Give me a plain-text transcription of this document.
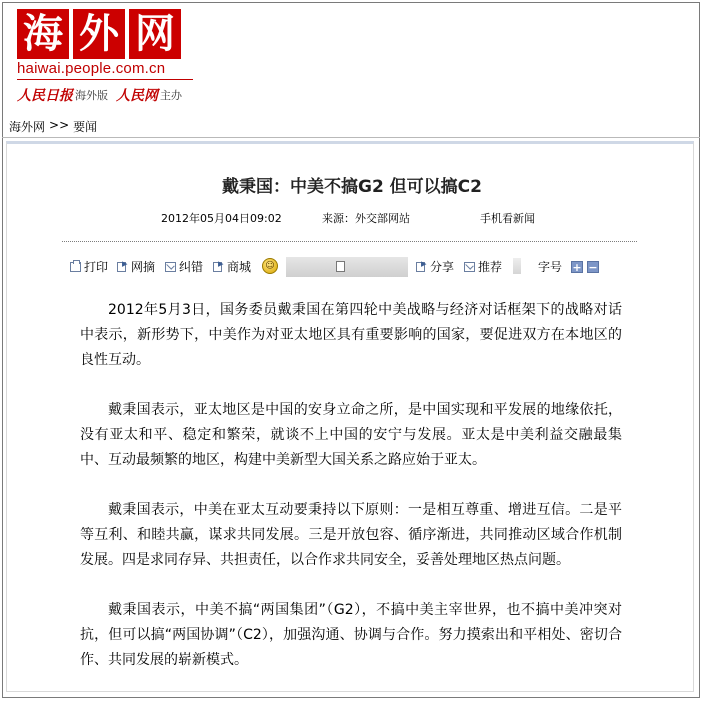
海 外 网
haiwai.people.com.cn
人民日报 海外版 人民网 主办
海外网 >> 要闻
戴秉国：中美不搞G2 但可以搞C2
2012年05月04日09:02	来源：外交部网站	手机看新闻
打印 ▸ 网摘 纠错 ▸ 商城	☺ ▸	分享 推荐	字号 + −

2012年5月3日，国务委员戴秉国在第四轮中美战略与经济对话框架下的战略对话中表示，新形势下，中美作为对亚太地区具有重要影响的国家，要促进双方在本地区的良性互动。

戴秉国表示，亚太地区是中国的安身立命之所，是中国实现和平发展的地缘依托，没有亚太和平、稳定和繁荣，就谈不上中国的安宁与发展。亚太是中美利益交融最集中、互动最频繁的地区，构建中美新型大国关系之路应始于亚太。

戴秉国表示，中美在亚太互动要秉持以下原则：一是相互尊重、增进互信。二是平等互利、和睦共赢，谋求共同发展。三是开放包容、循序渐进，共同推动区域合作机制发展。四是求同存异、共担责任，以合作求共同安全，妥善处理地区热点问题。

戴秉国表示，中美不搞“两国集团”（G2），不搞中美主宰世界，也不搞中美冲突对抗，但可以搞“两国协调”（C2），加强沟通、协调与合作。努力摸索出和平相处、密切合作、共同发展的崭新模式。
